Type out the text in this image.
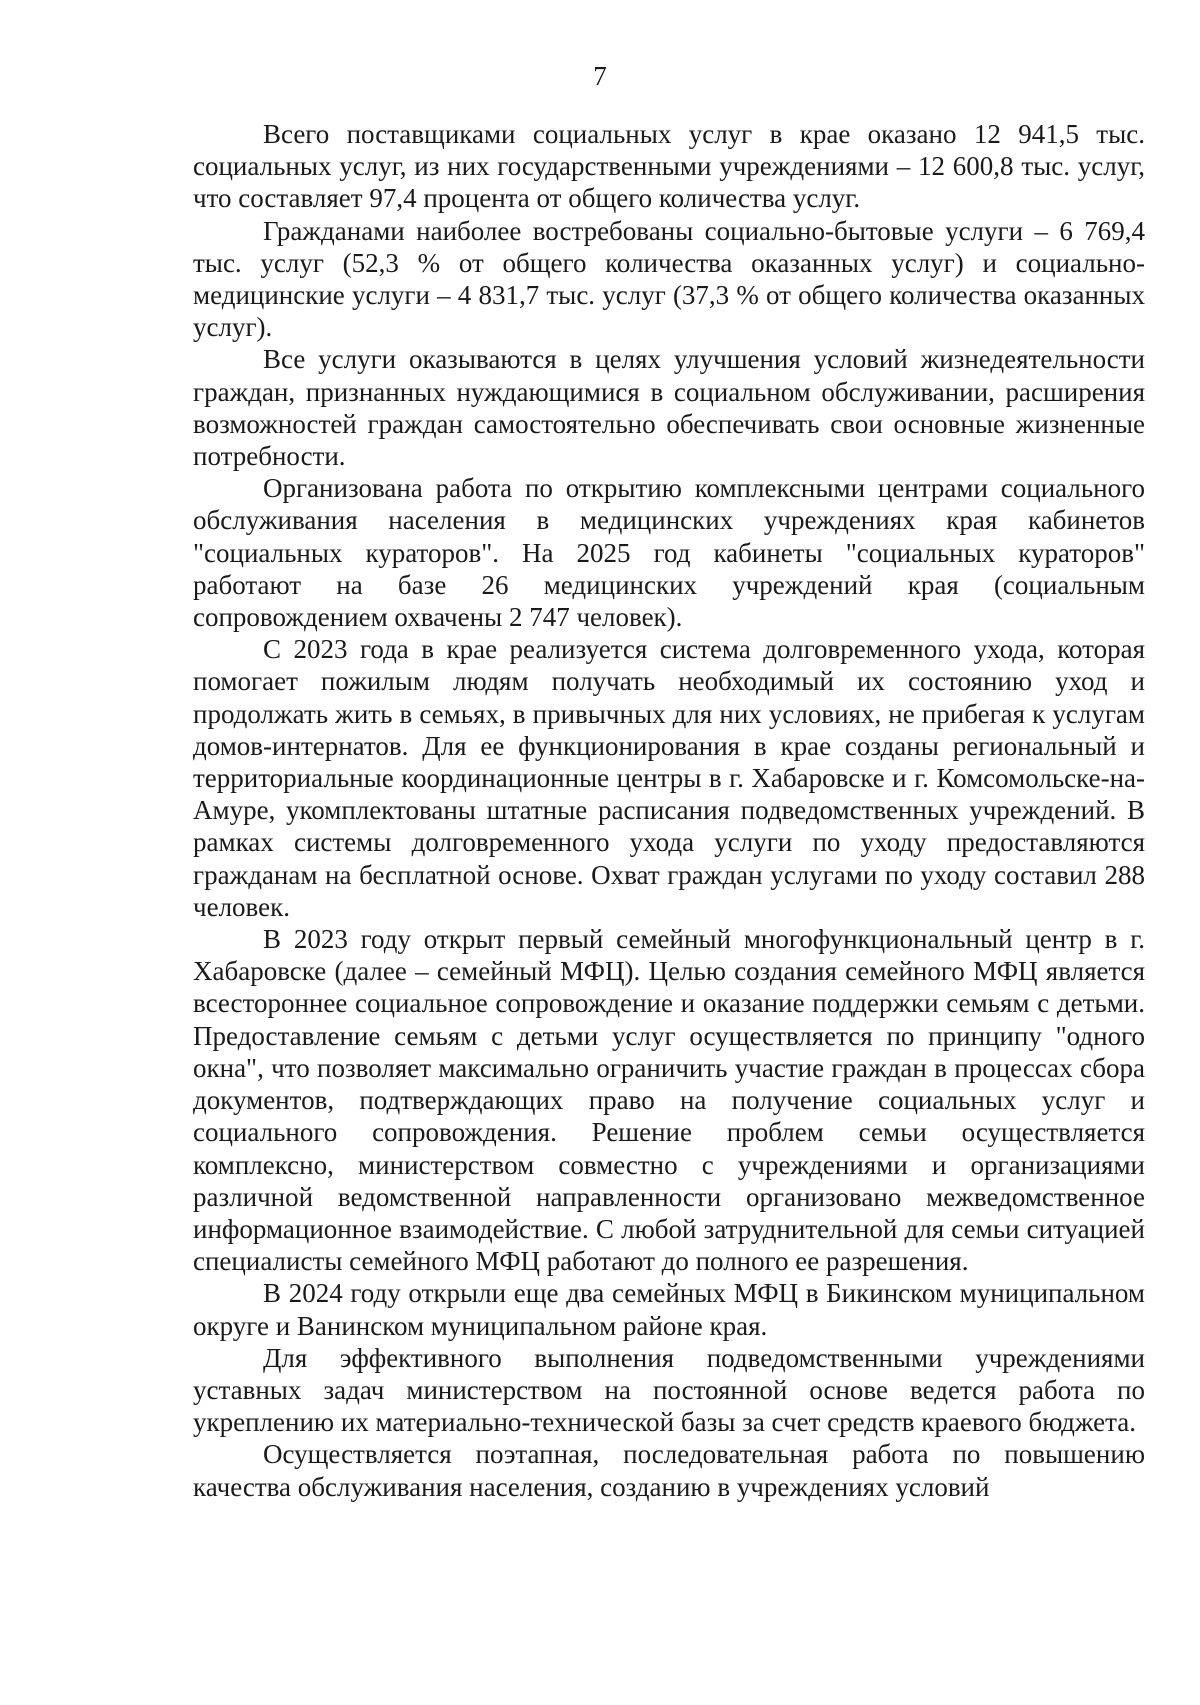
7

Всего поставщиками социальных услуг в крае оказано 12 941,5 тыс. социальных услуг, из них государственными учреждениями – 12 600,8 тыс. услуг, что составляет 97,4 процента от общего количества услуг.

Гражданами наиболее востребованы социально-бытовые услуги – 6 769,4 тыс. услуг (52,3 % от общего количества оказанных услуг) и социально-медицинские услуги – 4 831,7 тыс. услуг (37,3 % от общего количества оказанных услуг).

Все услуги оказываются в целях улучшения условий жизнедеятельности граждан, признанных нуждающимися в социальном обслуживании, расширения возможностей граждан самостоятельно обеспечивать свои основные жизненные потребности.

Организована работа по открытию комплексными центрами социального обслуживания населения в медицинских учреждениях края кабинетов "социальных кураторов". На 2025 год кабинеты "социальных кураторов" работают на базе 26 медицинских учреждений края (социальным сопровождением охвачены 2 747 человек).

С 2023 года в крае реализуется система долговременного ухода, которая помогает пожилым людям получать необходимый их состоянию уход и продолжать жить в семьях, в привычных для них условиях, не прибегая к услугам домов-интернатов. Для ее функционирования в крае созданы региональный и территориальные координационные центры в г. Хабаровске и г. Комсомольске-на-Амуре, укомплектованы штатные расписания подведомственных учреждений. В рамках системы долговременного ухода услуги по уходу предоставляются гражданам на бесплатной основе. Охват граждан услугами по уходу составил 288 человек.

В 2023 году открыт первый семейный многофункциональный центр в г. Хабаровске (далее – семейный МФЦ). Целью создания семейного МФЦ является всестороннее социальное сопровождение и оказание поддержки семьям с детьми. Предоставление семьям с детьми услуг осуществляется по принципу "одного окна", что позволяет максимально ограничить участие граждан в процессах сбора документов, подтверждающих право на получение социальных услуг и социального сопровождения. Решение проблем семьи осуществляется комплексно, министерством совместно с учреждениями и организациями различной ведомственной направленности организовано межведомственное информационное взаимодействие. С любой затруднительной для семьи ситуацией специалисты семейного МФЦ работают до полного ее разрешения.

В 2024 году открыли еще два семейных МФЦ в Бикинском муниципальном округе и Ванинском муниципальном районе края.

Для эффективного выполнения подведомственными учреждениями уставных задач министерством на постоянной основе ведется работа по укреплению их материально-технической базы за счет средств краевого бюджета.

Осуществляется поэтапная, последовательная работа по повышению качества обслуживания населения, созданию в учреждениях условий
